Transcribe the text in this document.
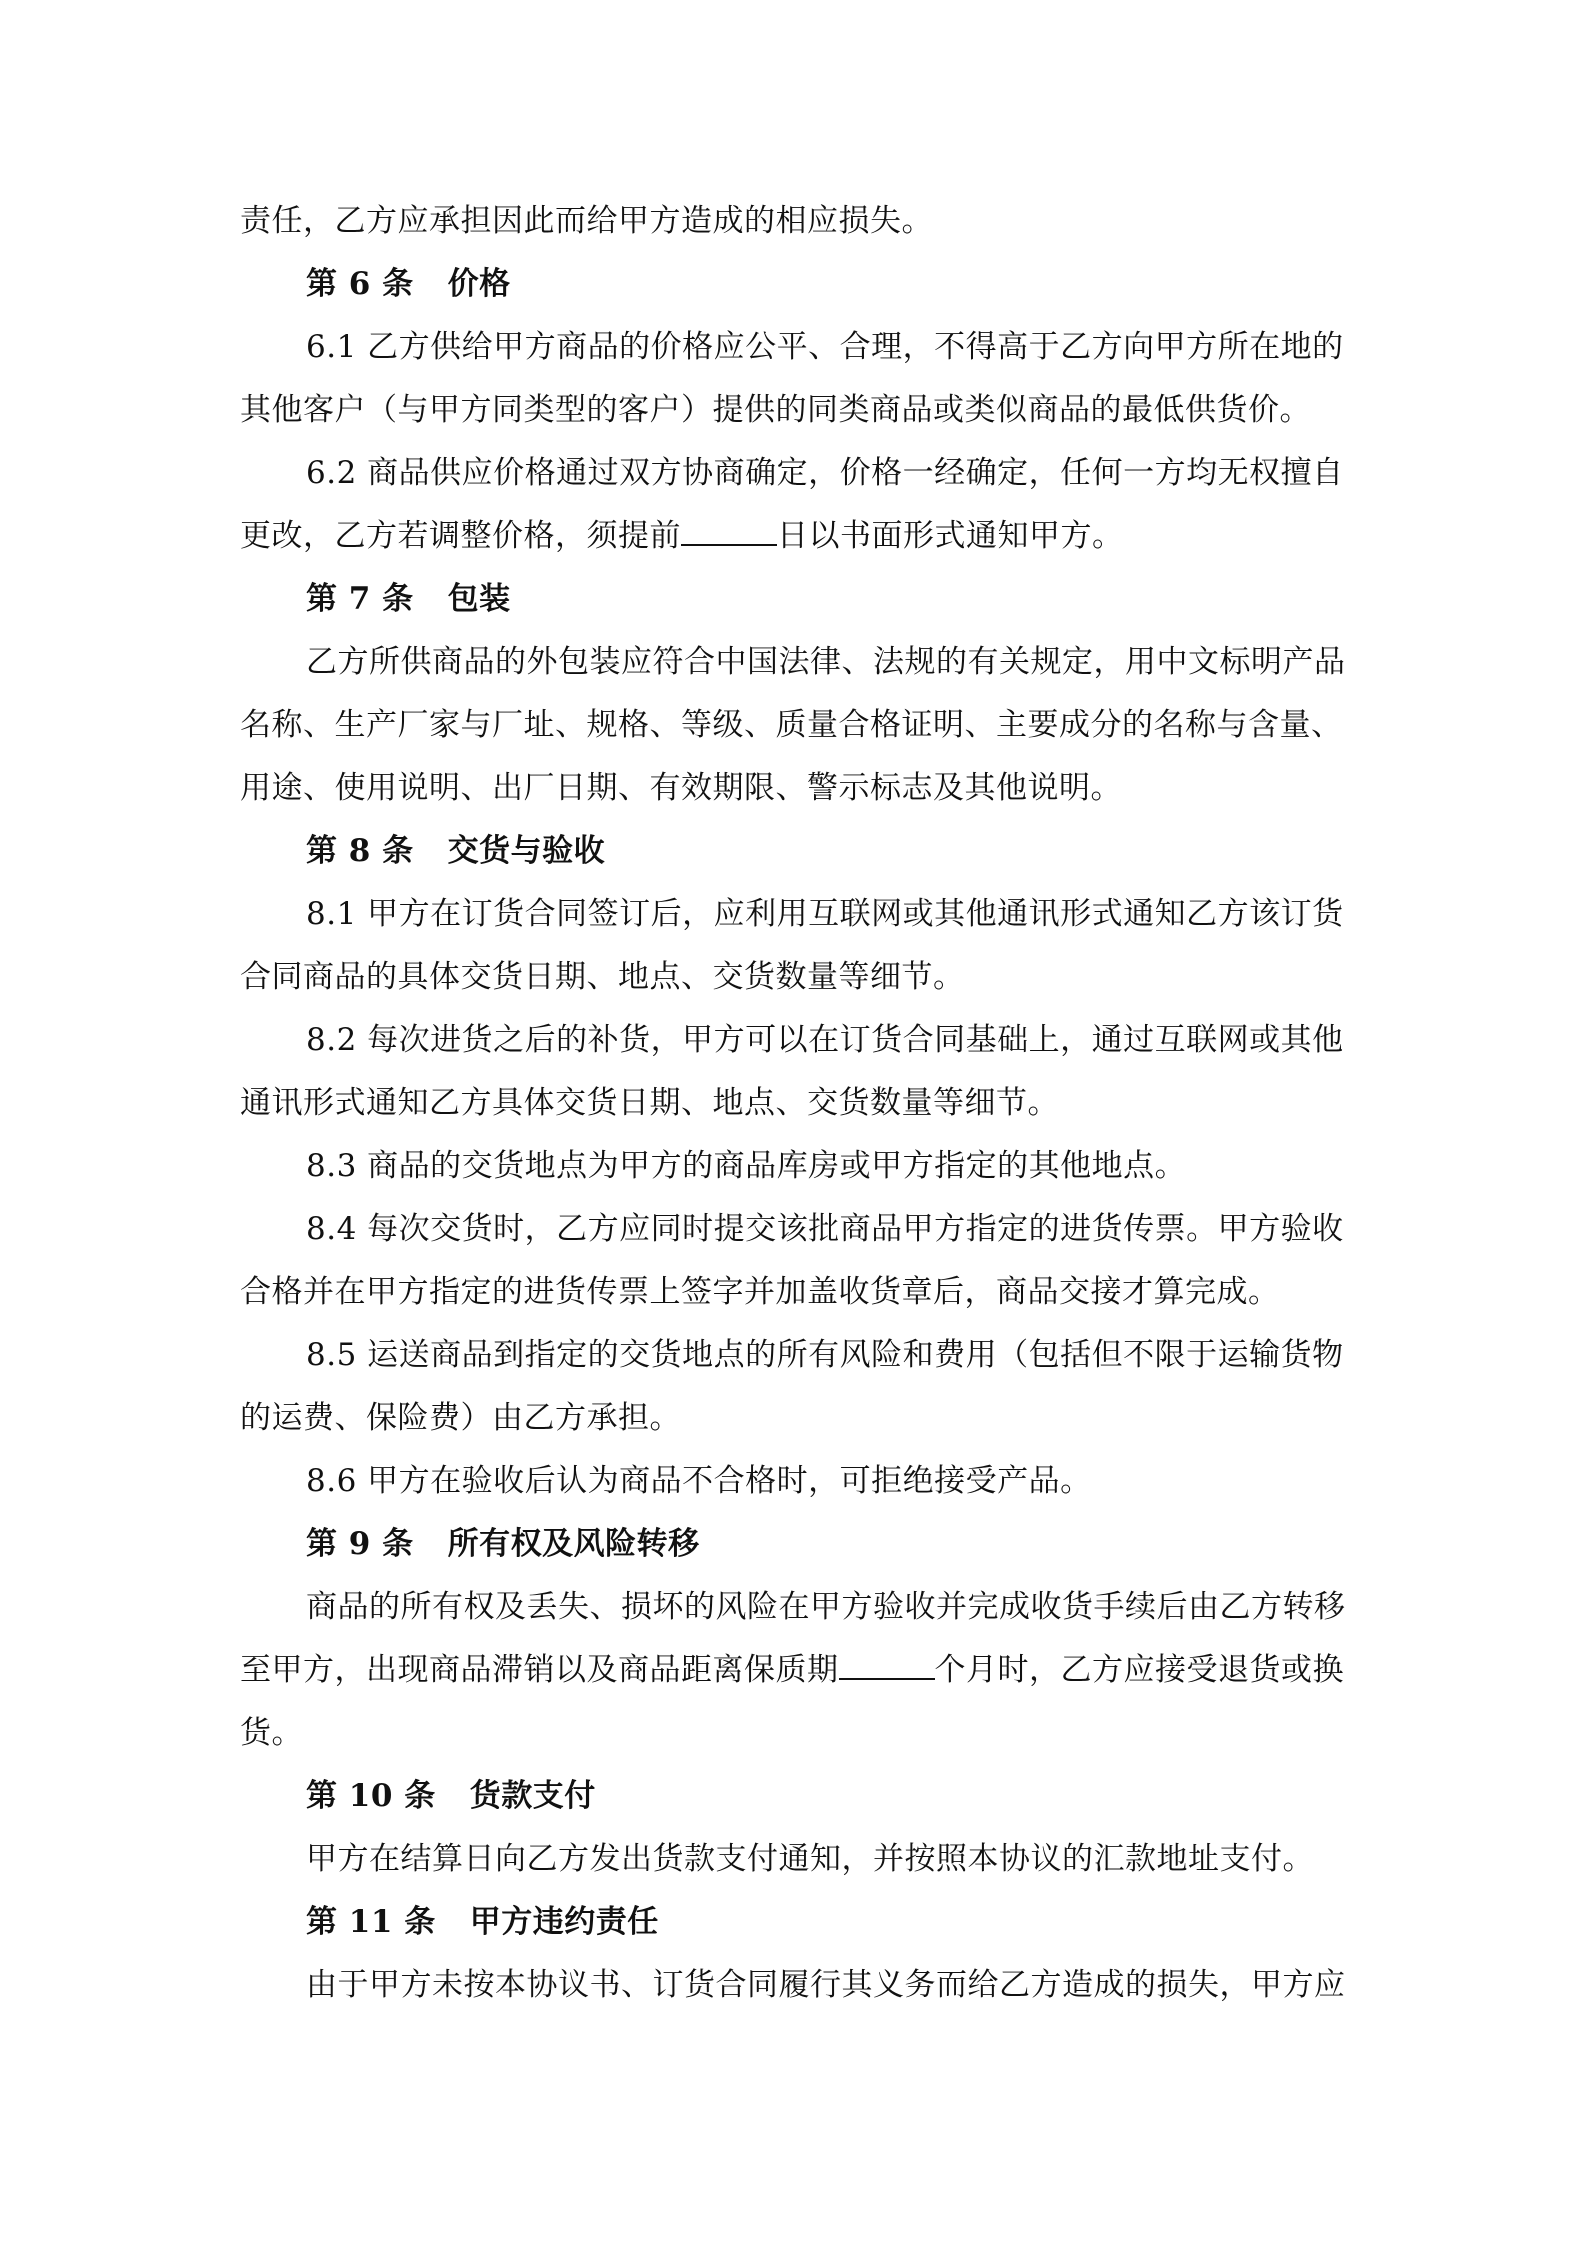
责任，乙方应承担因此而给甲方造成的相应损失。
第 6 条 价格
6.1 乙方供给甲方商品的价格应公平、合理，不得高于乙方向甲方所在地的
其他客户（与甲方同类型的客户）提供的同类商品或类似商品的最低供货价。
6.2 商品供应价格通过双方协商确定，价格一经确定，任何一方均无权擅自
更改，乙方若调整价格，须提前	日以书面形式通知甲方。
第 7 条 包装
乙方所供商品的外包装应符合中国法律、法规的有关规定，用中文标明产品
名称、生产厂家与厂址、规格、等级、质量合格证明、主要成分的名称与含量、
用途、使用说明、出厂日期、有效期限、警示标志及其他说明。
第 8 条 交货与验收
8.1 甲方在订货合同签订后，应利用互联网或其他通讯形式通知乙方该订货
合同商品的具体交货日期、地点、交货数量等细节。
8.2 每次进货之后的补货，甲方可以在订货合同基础上，通过互联网或其他
通讯形式通知乙方具体交货日期、地点、交货数量等细节。
8.3 商品的交货地点为甲方的商品库房或甲方指定的其他地点。
8.4 每次交货时，乙方应同时提交该批商品甲方指定的进货传票。甲方验收
合格并在甲方指定的进货传票上签字并加盖收货章后，商品交接才算完成。
8.5 运送商品到指定的交货地点的所有风险和费用（包括但不限于运输货物
的运费、保险费）由乙方承担。
8.6 甲方在验收后认为商品不合格时，可拒绝接受产品。
第 9 条 所有权及风险转移
商品的所有权及丢失、损坏的风险在甲方验收并完成收货手续后由乙方转移
至甲方，出现商品滞销以及商品距离保质期	个月时，乙方应接受退货或换
货。
第 10 条 货款支付
甲方在结算日向乙方发出货款支付通知，并按照本协议的汇款地址支付。
第 11 条 甲方违约责任
由于甲方未按本协议书、订货合同履行其义务而给乙方造成的损失，甲方应
